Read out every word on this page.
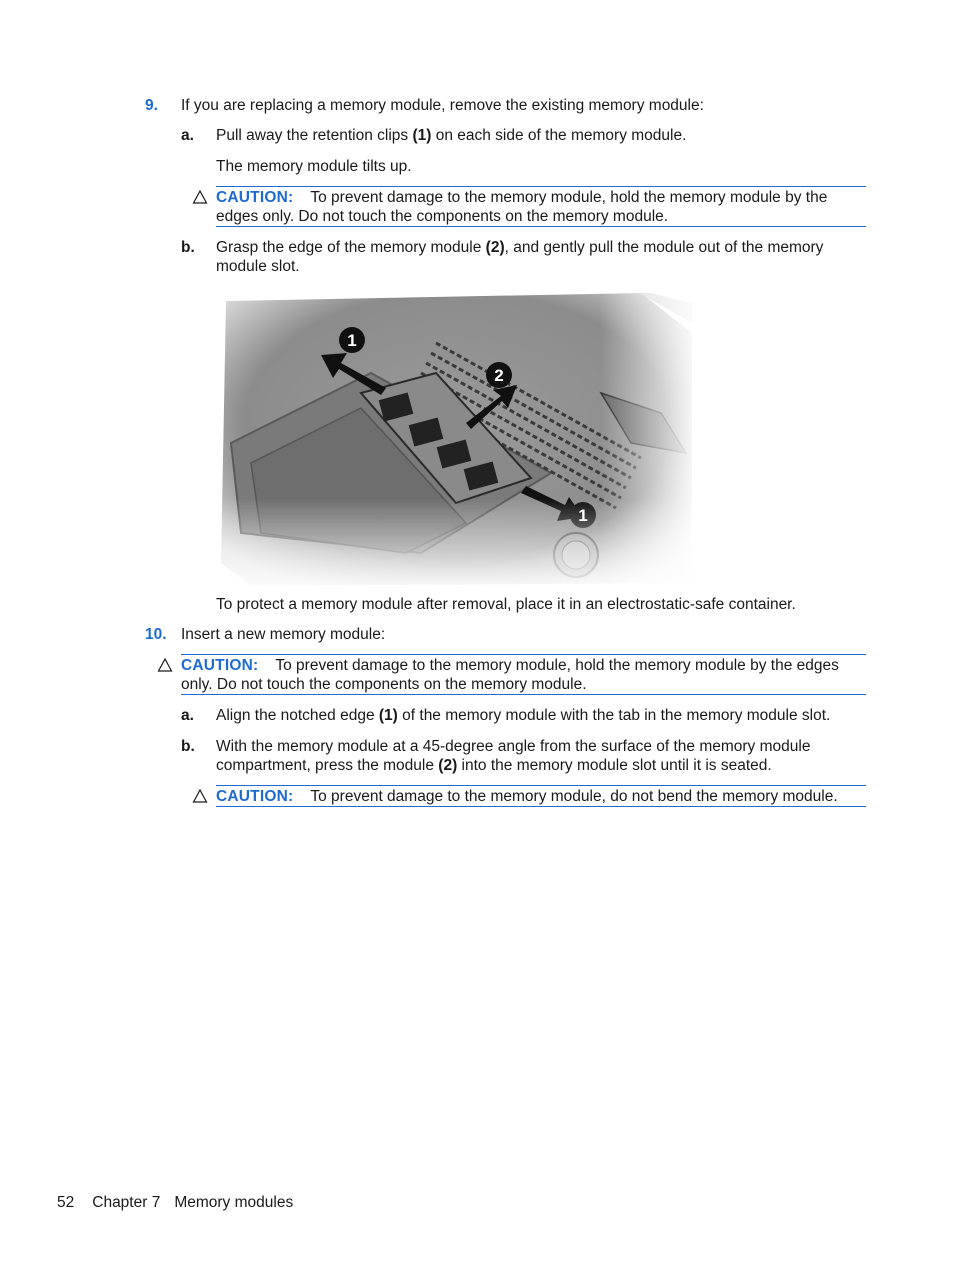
9. If you are replacing a memory module, remove the existing memory module:
a. Pull away the retention clips (1) on each side of the memory module.
The memory module tilts up.
CAUTION: To prevent damage to the memory module, hold the memory module by the
edges only. Do not touch the components on the memory module.
b. Grasp the edge of the memory module (2), and gently pull the module out of the memory
module slot.
To protect a memory module after removal, place it in an electrostatic-safe container.
10. Insert a new memory module:
CAUTION: To prevent damage to the memory module, hold the memory module by the edges
only. Do not touch the components on the memory module.
a. Align the notched edge (1) of the memory module with the tab in the memory module slot.
b. With the memory module at a 45-degree angle from the surface of the memory module
compartment, press the module (2) into the memory module slot until it is seated.
CAUTION: To prevent damage to the memory module, do not bend the memory module.
52 Chapter 7 Memory modules
